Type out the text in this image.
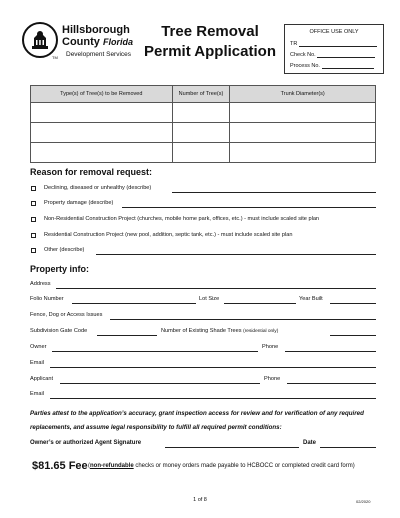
Hillsborough
County Florida
Development Services
TM
Tree Removal
Permit Application
OFFICE USE ONLY
TR
Check No.
Process No.
Type(s) of Tree(s) to be Removed	Number of Tree(s)	Trunk Diameter(s)

Reason for removal request:
Declining, diseased or unhealthy (describe)
Property damage (describe)
Non-Residential Construction Project (churches, mobile home park, offices, etc.) - must include scaled site plan
Residential Construction Project (new pool, addition, septic tank, etc.) - must include scaled site plan
Other (describe)
Property info:
Address
Folio Number	Lot Size	Year Built
Fence, Dog or Access Issues
Subdivision Gate Code	Number of Existing Shade Trees (residential only)
Owner	Phone
Email
Applicant	Phone
Email
Parties attest to the application’s accuracy, grant inspection access for review and for verification of any required replacements, and assume legal responsibility to fulfill all required permit conditions:
Owner’s or authorized Agent Signature	Date
$81.65 Fee (non-refundable checks or money orders made payable to HCBOCC or completed credit card form)
1 of 8	02/2020
